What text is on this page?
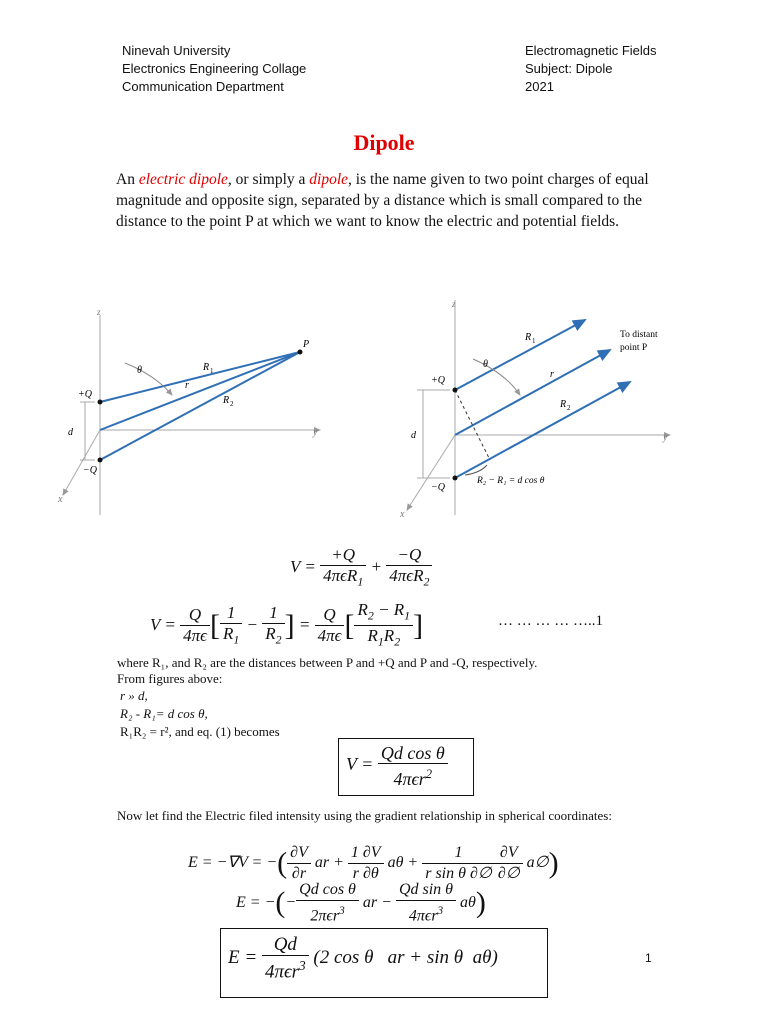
Ninevah University
Electronics Engineering Collage
Communication Department
Electromagnetic Fields
Subject: Dipole
2021
Dipole
An electric dipole, or simply a dipole, is the name given to two point charges of equal magnitude and opposite sign, separated by a distance which is small compared to the distance to the point P at which we want to know the electric and potential fields.
P
R 1
R 2
r
θ
+Q
−Q
d	y
x
z
To distant
point P
R 1
R 2
r
θ
+Q
−Q
d	y
x
z
R₂ − R₁ = d cos θ
$V = \frac{+Q}{4\pi\epsilon R_1} + \frac{-Q}{4\pi\epsilon R_2}$
$V = \frac{Q}{4\pi\epsilon}$ [ $\frac{1}{R_1} - \frac{1}{R_2}$ ] = $\frac{Q}{4\pi\epsilon}$ [ $\frac{R_2 - R_1}{R_1R_2}$ ]	… … … … …..1
where R₁, and R₂ are the distances between P and +Q and P and -Q, respectively.
From figures above:
r » d,
R₂ - R₁= d cos θ,
R₁R₂ = r², and eq. (1) becomes
$V = \frac{\text{Qd cos θ}}{4\pi\epsilon r^2}$
Now let find the Electric filed intensity using the gradient relationship in spherical coordinates:
E = −∇V = −( $\frac{\partial V}{\partial r}$ ar + $\frac{1 \partial V}{r \partial\theta}$ $a\theta + \frac{1}{\text{r sin θ ∂∅}} \frac{\partial V}{\partial\emptyset}$ a∅)
E = −(− $\frac{\text{Qd cos θ}}{2\pi\epsilon r^3}$ ar − $\frac{\text{Qd sin θ}}{4\pi\epsilon r^3} a\theta$)
$E = \frac{Qd}{4\pi\epsilon r^3} (2$ cos θ   ar + sin θ  aθ)	1
